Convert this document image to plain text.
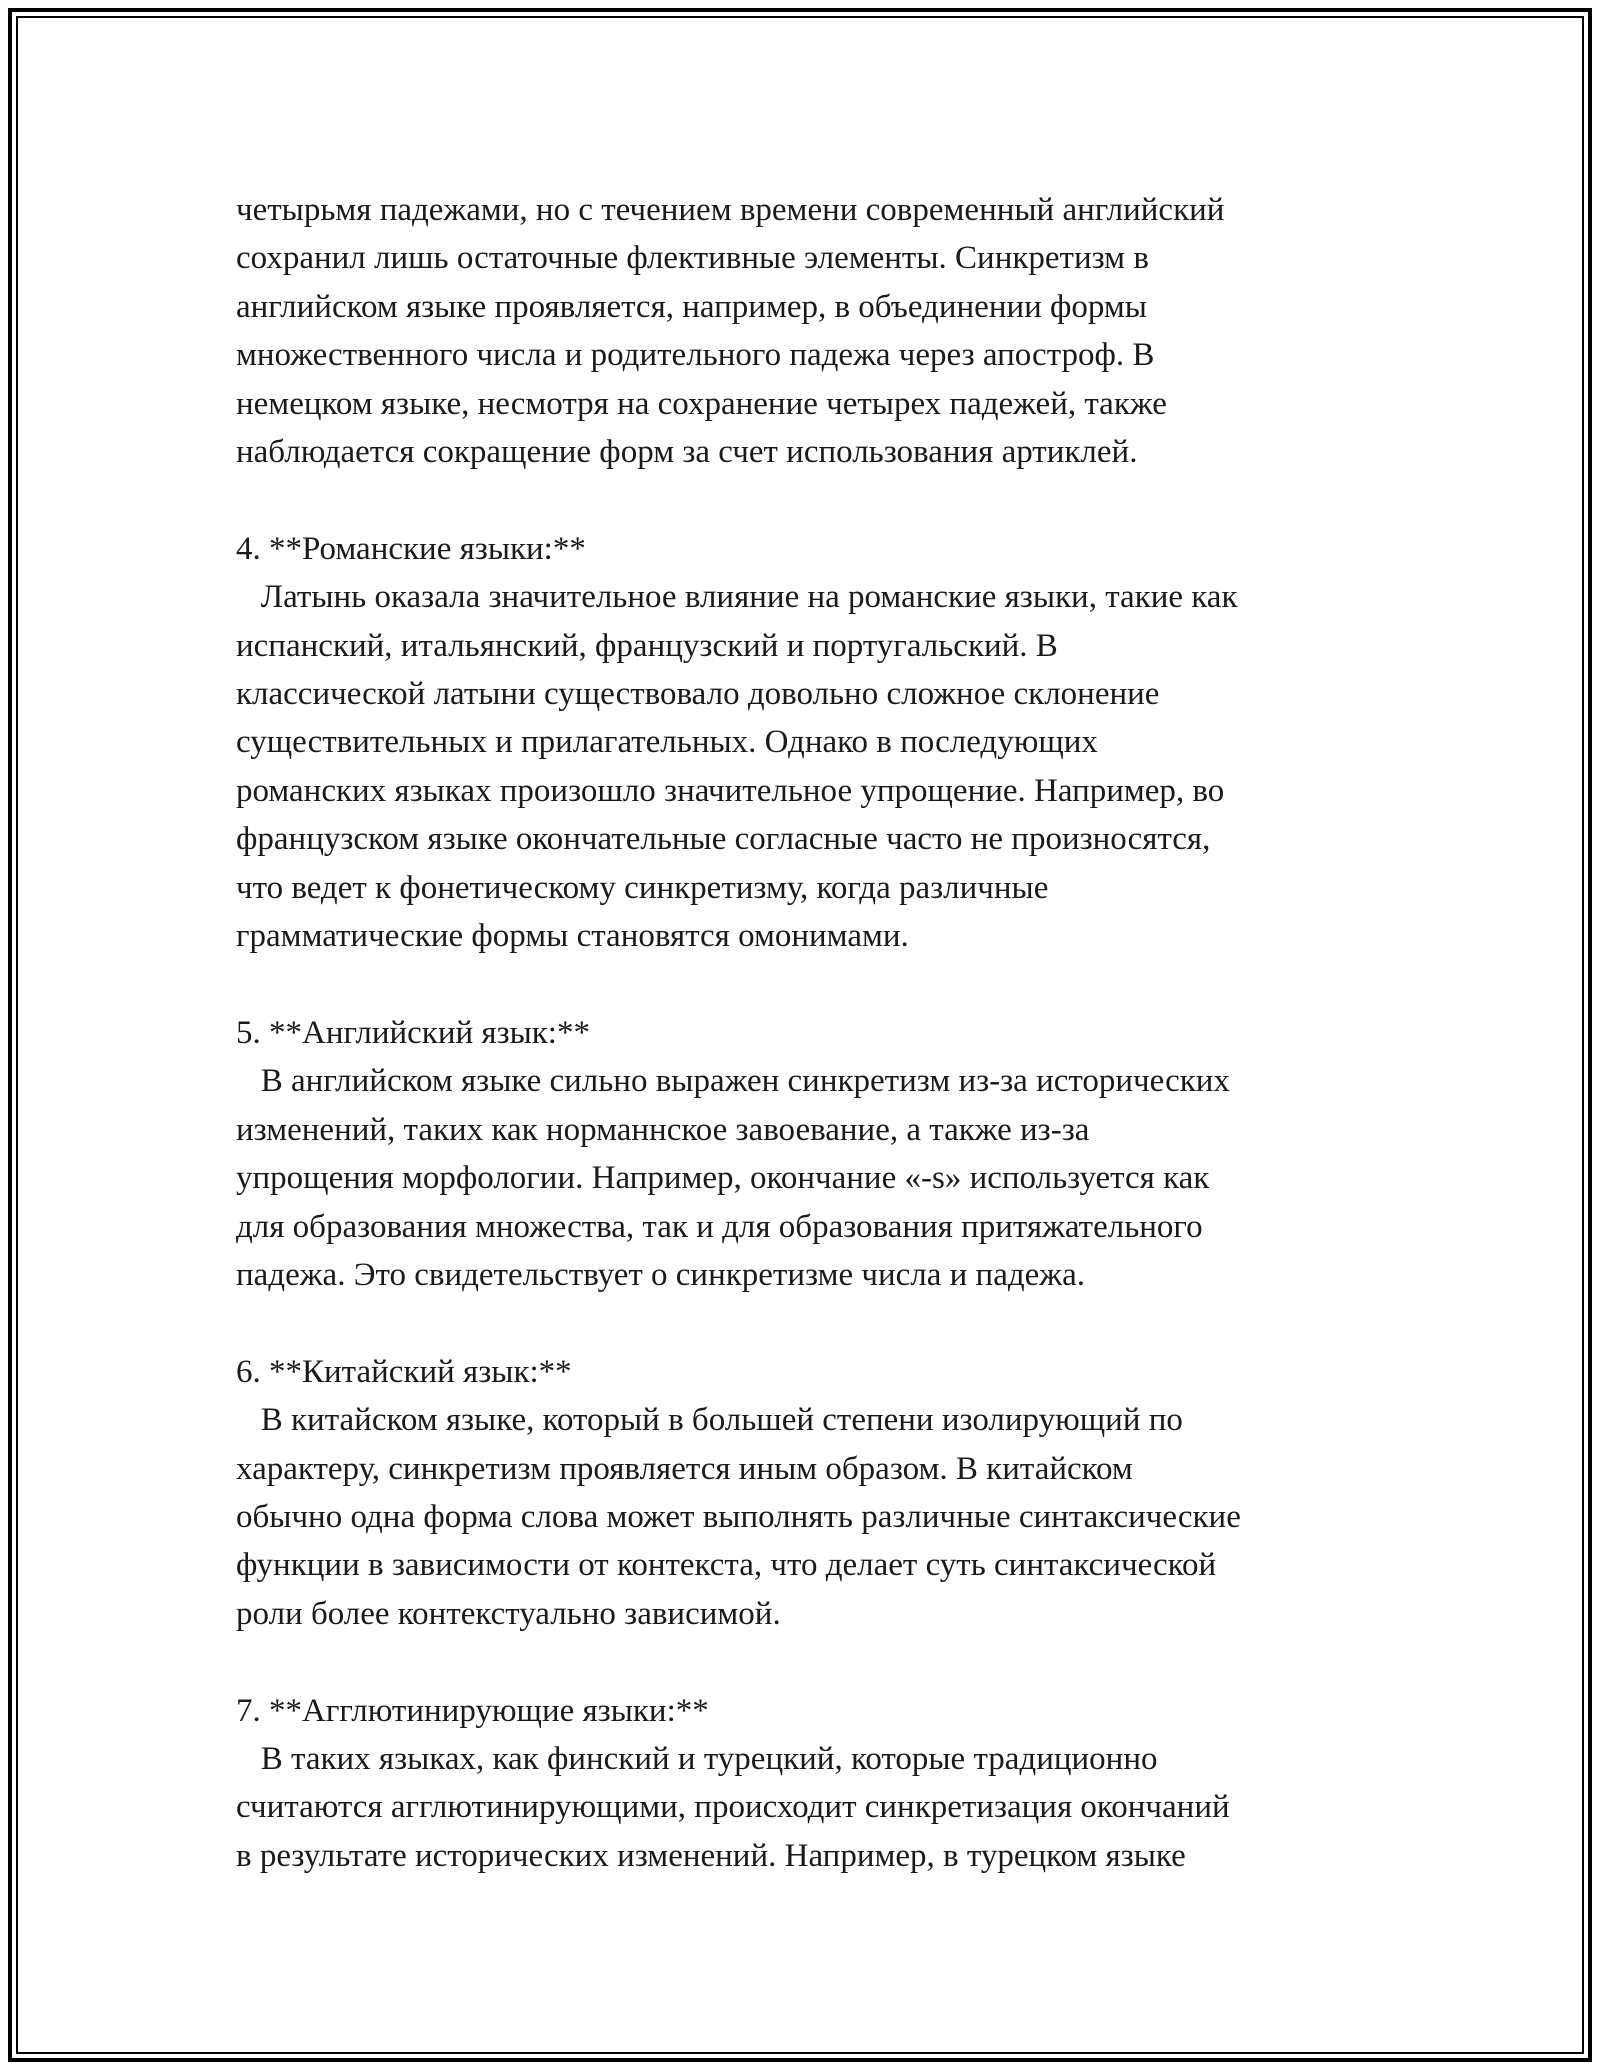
четырьмя падежами, но с течением времени современный английский
сохранил лишь остаточные флективные элементы. Синкретизм в
английском языке проявляется, например, в объединении формы
множественного числа и родительного падежа через апостроф. В
немецком языке, несмотря на сохранение четырех падежей, также
наблюдается сокращение форм за счет использования артиклей.
4. **Романские языки:**
Латынь оказала значительное влияние на романские языки, такие как
испанский, итальянский, французский и португальский. В
классической латыни существовало довольно сложное склонение
существительных и прилагательных. Однако в последующих
романских языках произошло значительное упрощение. Например, во
французском языке окончательные согласные часто не произносятся,
что ведет к фонетическому синкретизму, когда различные
грамматические формы становятся омонимами.
5. **Английский язык:**
В английском языке сильно выражен синкретизм из-за исторических
изменений, таких как норманнское завоевание, а также из-за
упрощения морфологии. Например, окончание «-s» используется как
для образования множества, так и для образования притяжательного
падежа. Это свидетельствует о синкретизме числа и падежа.
6. **Китайский язык:**
В китайском языке, который в большей степени изолирующий по
характеру, синкретизм проявляется иным образом. В китайском
обычно одна форма слова может выполнять различные синтаксические
функции в зависимости от контекста, что делает суть синтаксической
роли более контекстуально зависимой.
7. **Агглютинирующие языки:**
В таких языках, как финский и турецкий, которые традиционно
считаются агглютинирующими, происходит синкретизация окончаний
в результате исторических изменений. Например, в турецком языке
